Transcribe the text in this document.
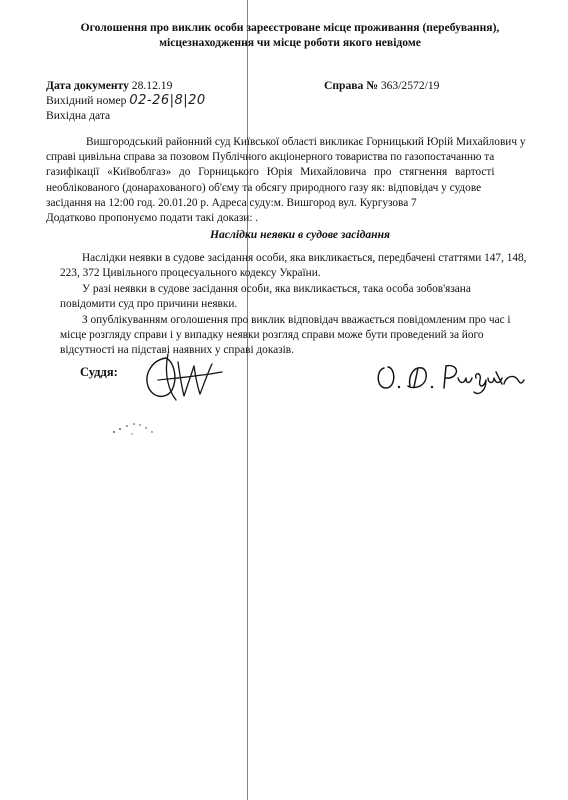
Оголошення про виклик особи зареєстроване місце проживання (перебування),
місцезнаходження чи місце роботи якого невідоме
Дата документу 28.12.19	Справа № 363/2572/19
Вихідний номер 02-26|8|20
Вихідна дата
Вишгородський районний суд Київської області викликає Горницький Юрій Михайлович у
справі цивільна справа за позовом Публічного акціонерного товариства по газопостачанню та
газифікації «Київоблгаз» до Горницького Юрія Михайловича про стягнення вартості
необлікованого (донарахованого) об'єму та обсягу природного газу як: відповідач у судове
засідання на 12:00 год. 20.01.20 р. Адреса суду:м. Вишгород вул. Кургузова 7
Додатково пропонуємо подати такі докази: .
Наслідки неявки в судове засідання
Наслідки неявки в судове засідання особи, яка викликається, передбачені статтями 147, 148,
223, 372 Цивільного процесуального кодексу України.
У разі неявки в судове засідання особи, яка викликається, така особа зобов'язана
повідомити суд про причини неявки.
З опублікуванням оголошення про виклик відповідач вважається повідомленим про час і
місце розгляду справи і у випадку неявки розгляд справи може бути проведений за його
відсутності на підставі наявних у справі доказів.
Суддя:
О. Д. Рудюк
